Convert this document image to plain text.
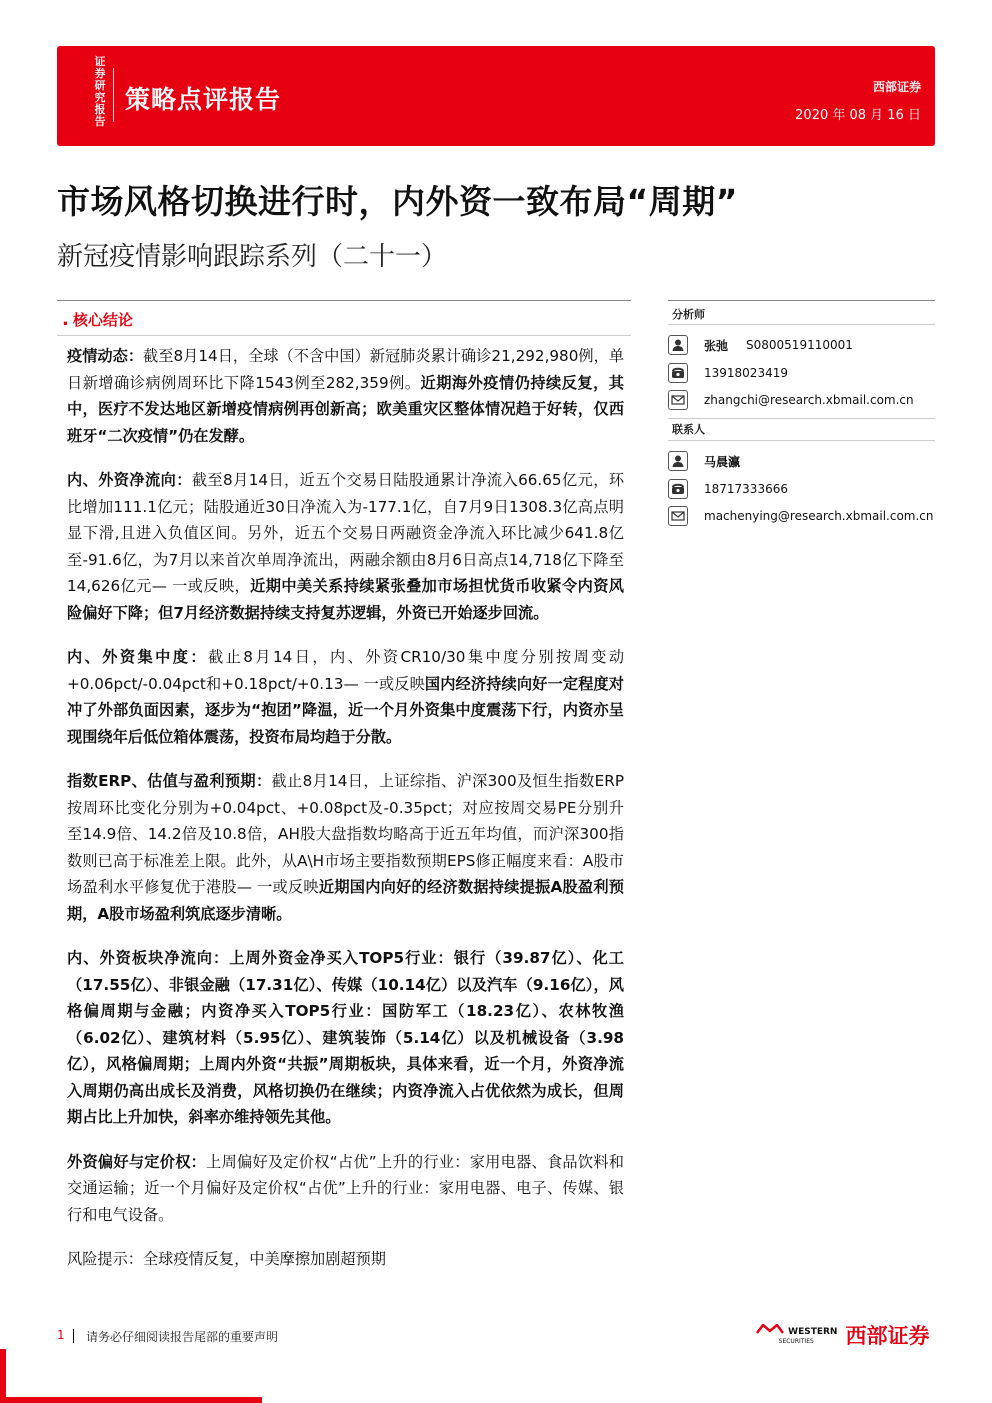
证券研究报告
策略点评报告	西部证券
2020 年 08 月 16 日
市场风格切换进行时，内外资一致布局“周期”
新冠疫情影响跟踪系列（二十一）
. 核心结论

疫情动态：截至8月14日，全球（不含中国）新冠肺炎累计确诊21,292,980例，单日新增确诊病例周环比下降1543例至282,359例。近期海外疫情仍持续反复，其中，医疗不发达地区新增疫情病例再创新高；欧美重灾区整体情况趋于好转，仅西班牙“二次疫情”仍在发酵。

内、外资净流向：截至8月14日，近五个交易日陆股通累计净流入66.65亿元，环比增加111.1亿元；陆股通近30日净流入为-177.1亿，自7月9日1308.3亿高点明显下滑,且进入负值区间。另外，近五个交易日两融资金净流入环比减少641.8亿至-91.6亿，为7月以来首次单周净流出，两融余额由8月6日高点14,718亿下降至14,626亿元— 一或反映，近期中美关系持续紧张叠加市场担忧货币收紧令内资风险偏好下降；但7月经济数据持续支持复苏逻辑，外资已开始逐步回流。

内、外资集中度：截止8月14日，内、外资CR10/30集中度分别按周变动+0.06pct/-0.04pct和+0.18pct/+0.13— 一或反映国内经济持续向好一定程度对冲了外部负面因素，逐步为“抱团”降温，近一个月外资集中度震荡下行，内资亦呈现围绕年后低位箱体震荡，投资布局均趋于分散。

指数ERP、估值与盈利预期：截止8月14日，上证综指、沪深300及恒生指数ERP按周环比变化分别为+0.04pct、+0.08pct及-0.35pct；对应按周交易PE分别升至14.9倍、14.2倍及10.8倍，AH股大盘指数均略高于近五年均值，而沪深300指数则已高于标准差上限。此外，从A\H市场主要指数预期EPS修正幅度来看：A股市场盈利水平修复优于港股— 一或反映近期国内向好的经济数据持续提振A股盈利预期，A股市场盈利筑底逐步清晰。

内、外资板块净流向：上周外资金净买入TOP5行业：银行（39.87亿）、化工（17.55亿）、非银金融（17.31亿）、传媒（10.14亿）以及汽车（9.16亿），风格偏周期与金融；内资净买入TOP5行业：国防军工（18.23亿）、农林牧渔（6.02亿）、建筑材料（5.95亿）、建筑装饰（5.14亿）以及机械设备（3.98亿），风格偏周期；上周内外资“共振”周期板块，具体来看，近一个月，外资净流入周期仍高出成长及消费，风格切换仍在继续；内资净流入占优依然为成长，但周期占比上升加快，斜率亦维持领先其他。

外资偏好与定价权：上周偏好及定价权“占优”上升的行业：家用电器、食品饮料和交通运输；近一个月偏好及定价权“占优”上升的行业：家用电器、电子、传媒、银行和电气设备。

风险提示：全球疫情反复，中美摩擦加剧超预期

分析师
张弛 S0800519110001
13918023419
zhangchi@research.xbmail.com.cn
联系人
马晨瀛
18717333666
machenying@research.xbmail.com.cn
1 请务必仔细阅读报告尾部的重要声明	WESTERN
SECURITIES	西部证券
